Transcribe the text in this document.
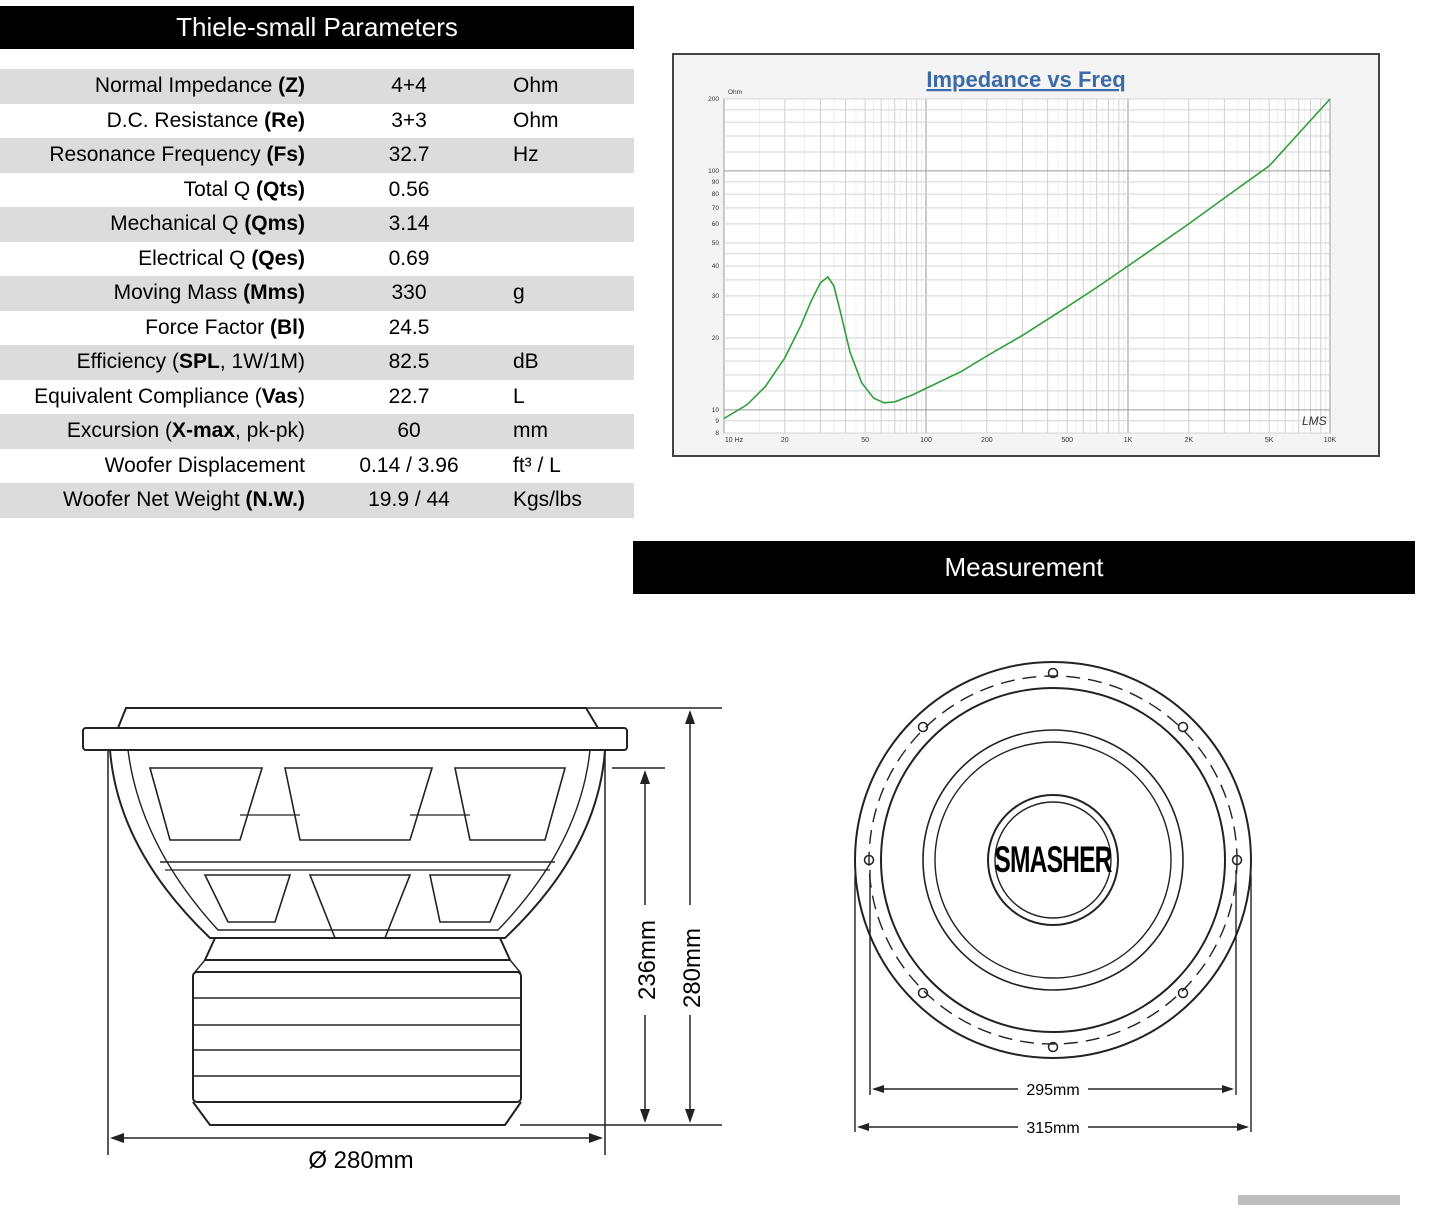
Thiele-small Parameters
Normal Impedance (Z)	4+4	Ohm
D.C. Resistance (Re)	3+3	Ohm
Resonance Frequency (Fs)	32.7	Hz
Total Q (Qts)	0.56
Mechanical Q (Qms)	3.14
Electrical Q (Qes)	0.69
Moving Mass (Mms)	330	g
Force Factor (Bl)	24.5
Efficiency (SPL, 1W/1M)	82.5	dB
Equivalent Compliance (Vas)	22.7	L
Excursion (X-max, pk-pk)	60	mm
Woofer Displacement	0.14 / 3.96	ft³ / L
Woofer Net Weight (N.W.)	19.9 / 44	Kgs/lbs
10 Hz	20	50	100	200	500	1K	2K	5K	10K
200
100
90
80
70
60
50
40
30
20
10
9
8
Ohm
Impedance vs Freq
LMS
Measurement
236mm 280mm
Ø 280mm
SMASHER
295mm
315mm
